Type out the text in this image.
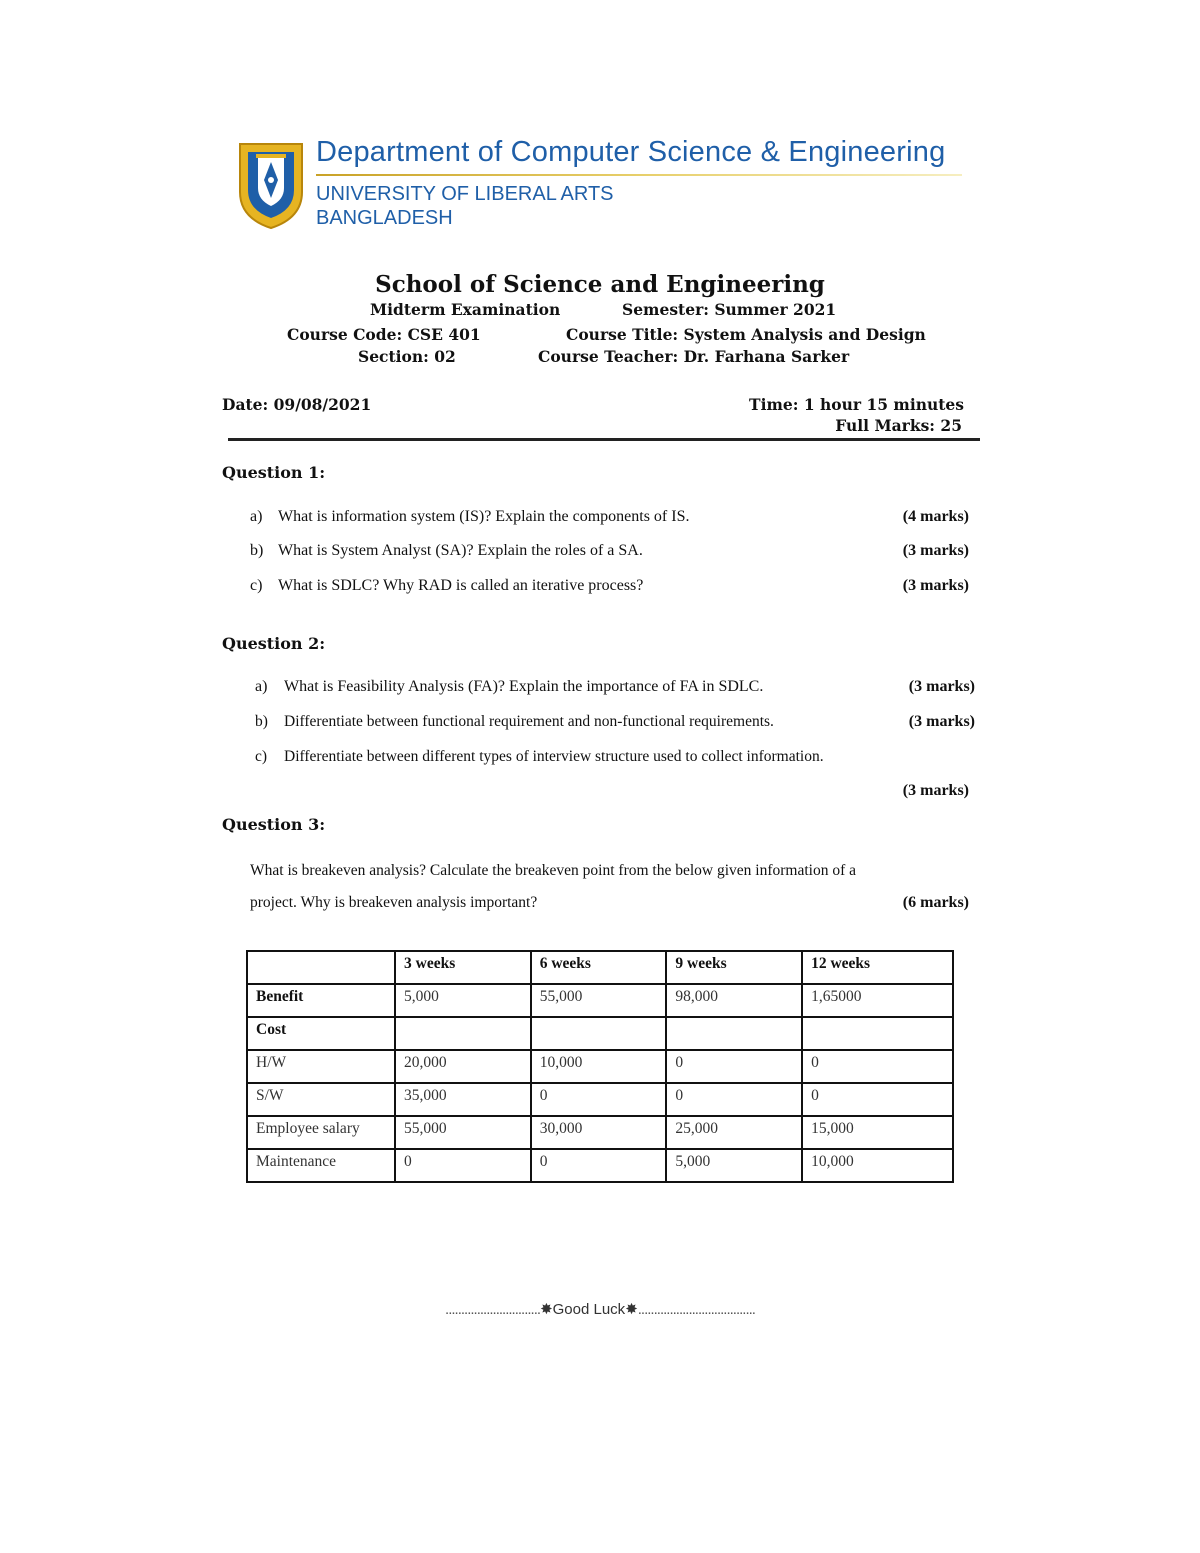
Department of Computer Science & Engineering
UNIVERSITY OF LIBERAL ARTS
BANGLADESH
School of Science and Engineering
Midterm Examination	Semester: Summer 2021
Course Code: CSE 401	Course Title: System Analysis and Design
Section: 02	Course Teacher: Dr. Farhana Sarker
Date: 09/08/2021	Time: 1 hour 15 minutes
Full Marks: 25
Question 1:
a) What is information system (IS)? Explain the components of IS.	(4 marks)
b) What is System Analyst (SA)? Explain the roles of a SA.	(3 marks)
c) What is SDLC? Why RAD is called an iterative process?	(3 marks)
Question 2:
a) What is Feasibility Analysis (FA)? Explain the importance of FA in SDLC.	(3 marks)
b) Differentiate between functional requirement and non-functional requirements.	(3 marks)
c) Differentiate between different types of interview structure used to collect information.
(3 marks)
Question 3:
What is breakeven analysis? Calculate the breakeven point from the below given information of a
project. Why is breakeven analysis important?	(6 marks)
	3 weeks	6 weeks	9 weeks	12 weeks
Benefit	5,000	55,000	98,000	1,65000
Cost				
H/W	20,000	10,000	0	0
S/W	35,000	0	0	0
Employee salary	55,000	30,000	25,000	15,000
Maintenance	0	0	5,000	10,000
..............................✸Good Luck✸.....................................
